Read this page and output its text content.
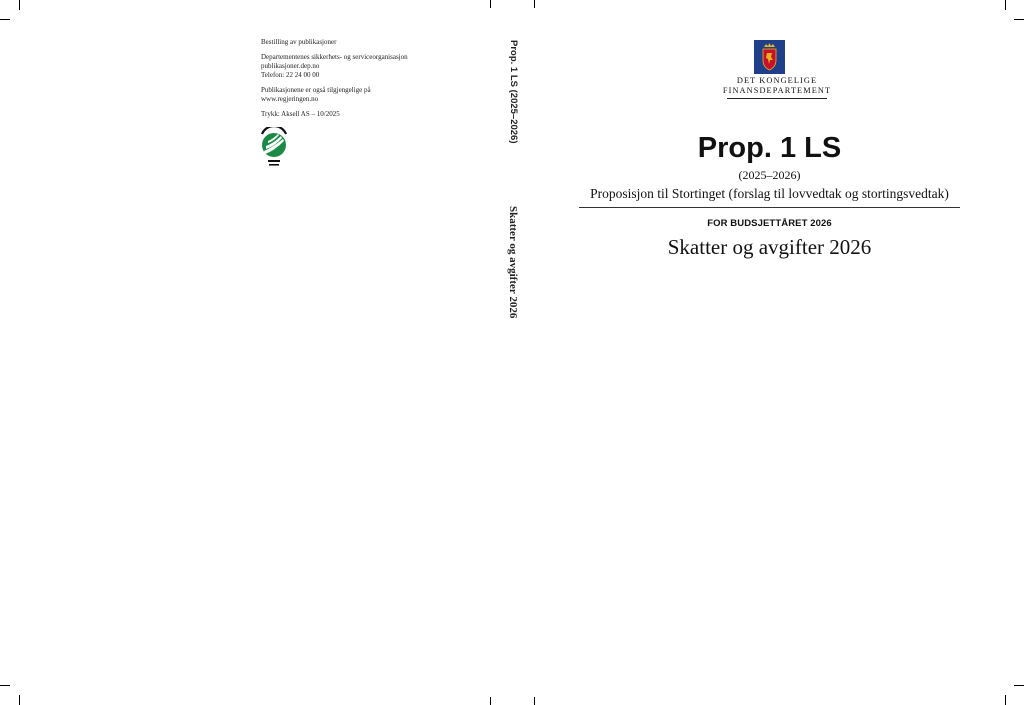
Bestilling av publikasjoner

Departementenes sikkerhets- og serviceorganisasjon
publikasjoner.dep.no
Telefon: 22 24 00 00

Publikasjonene er også tilgjengelige på
www.regjeringen.no

Trykk: Aksell AS – 10/2025	Prop. 1 LS (2025–2026)
Skatter og avgifter 2026
DET KONGELIGE
FINANSDEPARTEMENT
Prop. 1 LS
(2025–2026)
Proposisjon til Stortinget (forslag til lovvedtak og stortingsvedtak)
FOR BUDSJETTÅRET 2026
Skatter og avgifter 2026
